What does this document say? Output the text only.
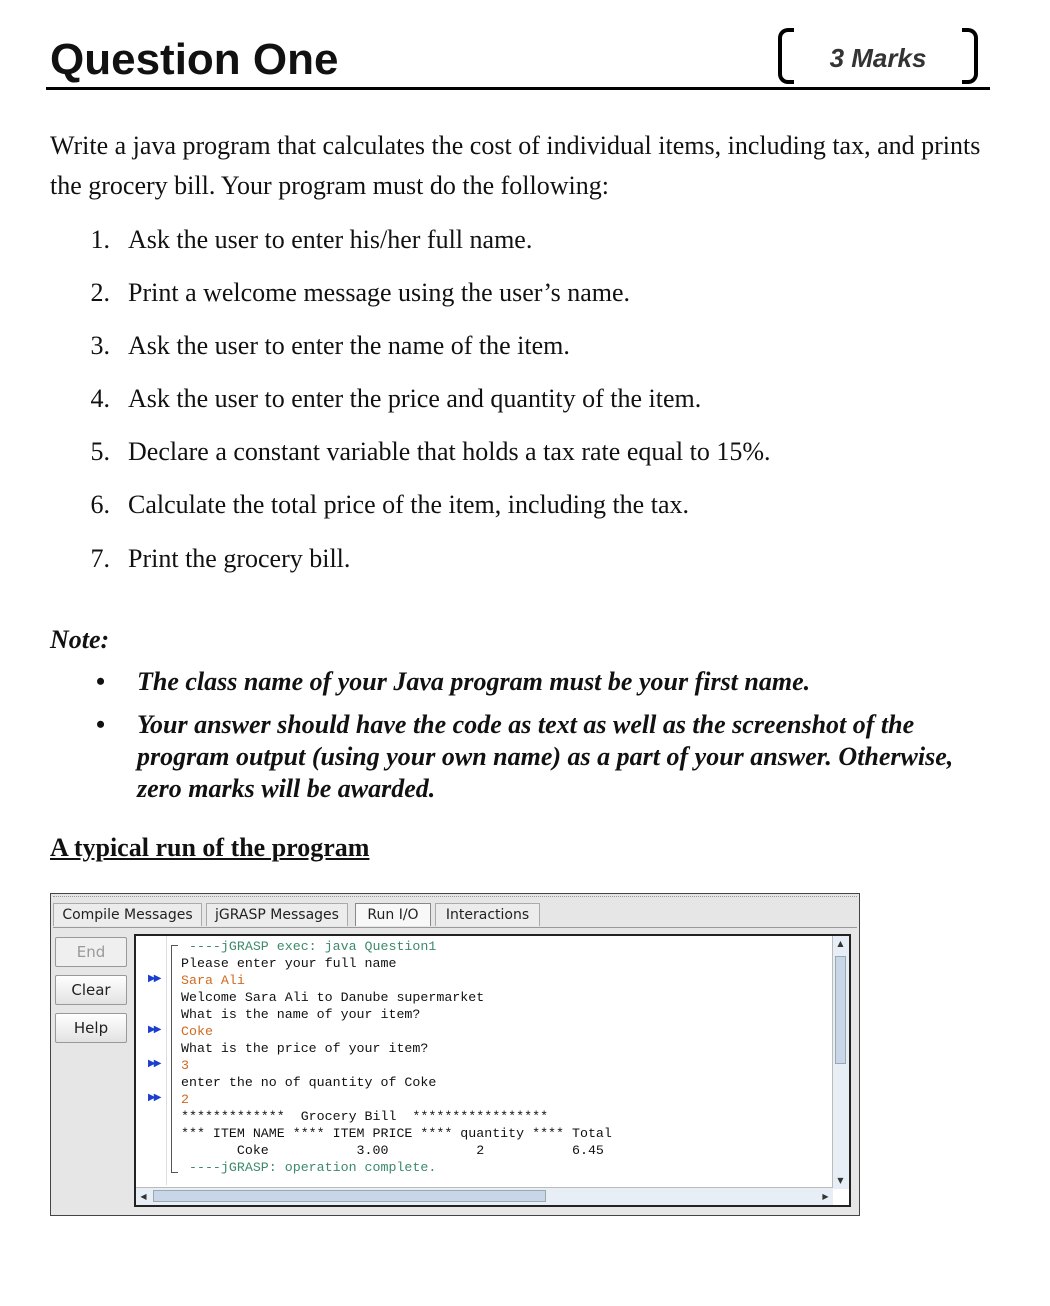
Question One	3 Marks

Write a java program that calculates the cost of individual items, including tax, and prints the grocery bill. Your program must do the following:

1. Ask the user to enter his/her full name.
2. Print a welcome message using the user’s name.
3. Ask the user to enter the name of the item.
4. Ask the user to enter the price and quantity of the item.
5. Declare a constant variable that holds a tax rate equal to 15%.
6. Calculate the total price of the item, including the tax.
7. Print the grocery bill.
Note:
• The class name of your Java program must be your first name.
• Your answer should have the code as text as well as the screenshot of the program output (using your own name) as a part of your answer. Otherwise, zero marks will be awarded.
A typical run of the program
Compile Messages	jGRASP Messages	Run I/O	Interactions
End
Clear
Help
▶▶
▶▶
▶▶
▶▶
----jGRASP exec: java Question1
Please enter your full name
Sara Ali
Welcome Sara Ali to Danube supermarket
What is the name of your item?
Coke
What is the price of your item?
3
enter the no of quantity of Coke
2
*************  Grocery Bill  *****************
*** ITEM NAME **** ITEM PRICE **** quantity **** Total
Coke           3.00           2           6.45
----jGRASP: operation complete.
▲
▼
◀	▶
